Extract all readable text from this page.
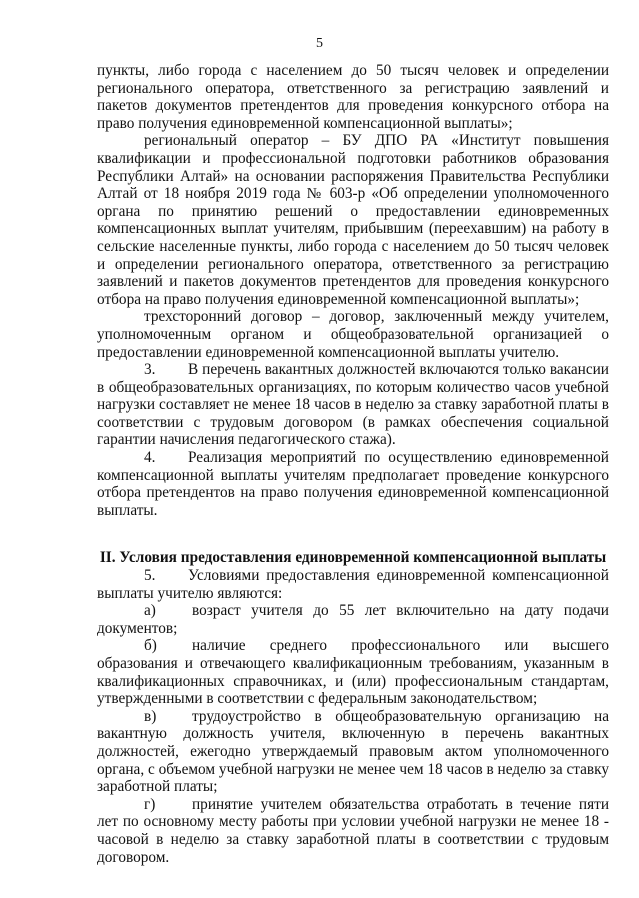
5

пункты, либо города с населением до 50 тысяч человек и определении регионального оператора, ответственного за регистрацию заявлений и пакетов документов претендентов для проведения конкурсного отбора на право получения единовременной компенсационной выплаты»;

региональный оператор – БУ ДПО РА «Институт повышения квалификации и профессиональной подготовки работников образования Республики Алтай» на основании распоряжения Правительства Республики Алтай от 18 ноября 2019 года № 603-р «Об определении уполномоченного органа по принятию решений о предоставлении единовременных компенсационных выплат учителям, прибывшим (переехавшим) на работу в сельские населенные пункты, либо города с населением до 50 тысяч человек и определении регионального оператора, ответственного за регистрацию заявлений и пакетов документов претендентов для проведения конкурсного отбора на право получения единовременной компенсационной выплаты»;

трехсторонний договор – договор, заключенный между учителем, уполномоченным органом и общеобразовательной организацией о предоставлении единовременной компенсационной выплаты учителю.

3. В перечень вакантных должностей включаются только вакансии в общеобразовательных организациях, по которым количество часов учебной нагрузки составляет не менее 18 часов в неделю за ставку заработной платы в соответствии с трудовым договором (в рамках обеспечения социальной гарантии начисления педагогического стажа).

4. Реализация мероприятий по осуществлению единовременной компенсационной выплаты учителям предполагает проведение конкурсного отбора претендентов на право получения единовременной компенсационной выплаты.

II. Условия предоставления единовременной компенсационной выплаты

5. Условиями предоставления единовременной компенсационной выплаты учителю являются:

а) возраст учителя до 55 лет включительно на дату подачи документов;

б) наличие среднего профессионального или высшего образования и отвечающего квалификационным требованиям, указанным в квалификационных справочниках, и (или) профессиональным стандартам, утвержденными в соответствии с федеральным законодательством;

в) трудоустройство в общеобразовательную организацию на вакантную должность учителя, включенную в перечень вакантных должностей, ежегодно утверждаемый правовым актом уполномоченного органа, с объемом учебной нагрузки не менее чем 18 часов в неделю за ставку заработной платы;

г) принятие учителем обязательства отработать в течение пяти лет по основному месту работы при условии учебной нагрузки не менее 18 - часовой в неделю за ставку заработной платы в соответствии с трудовым договором.
